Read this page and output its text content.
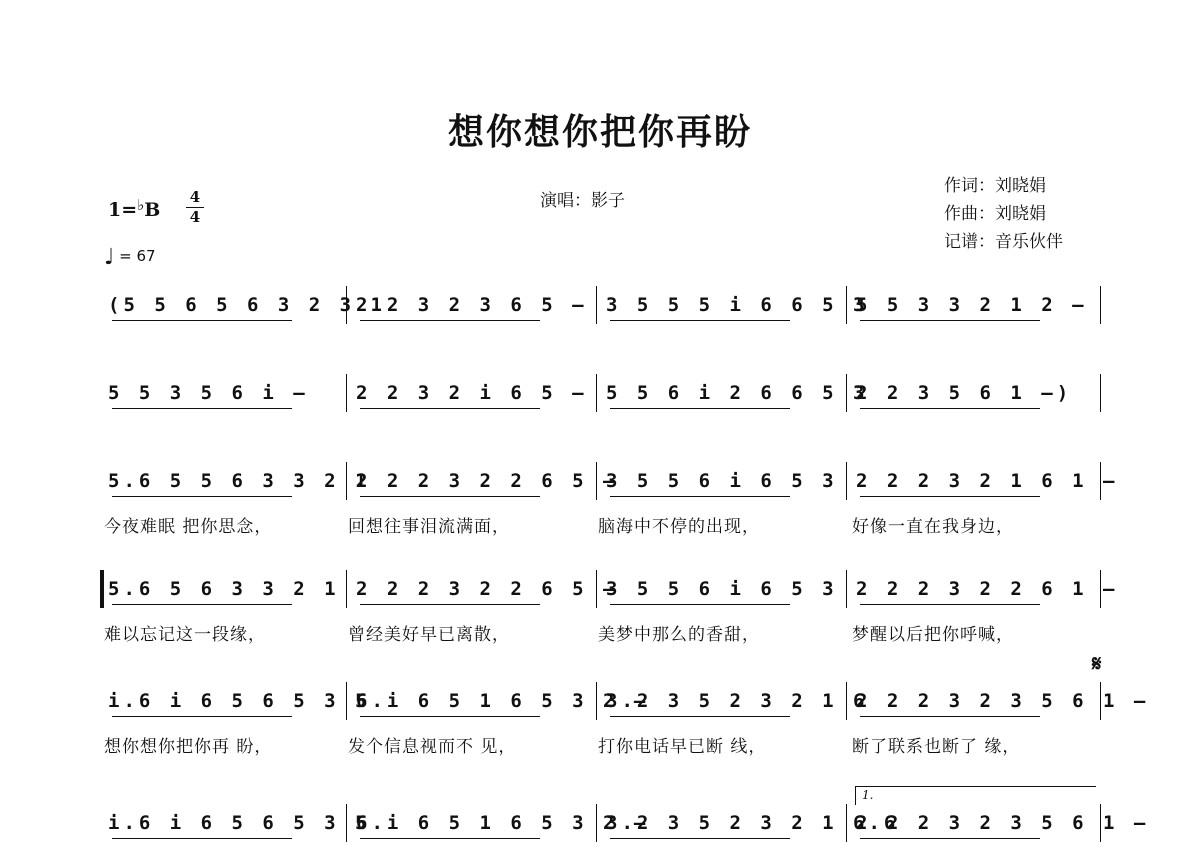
想你想你把你再盼
1=♭B
4
4
♩ = 67
演唱：影子
作词：刘晓娟
作曲：刘晓娟
记谱：音乐伙伴
(5 5 6 5 6 3 2 3 1
2 2 3 2 3 6 5 – 3 5 5 5 i 6 6 5 3
5 5 3 3 2 1 2 –
5 5 3 5 6 i – 2 2 3 2 i 6 5 – 5 5 6 i 2 6 6 5 3
2 2 3 5 6 1 –)
5.6 5 5 6 3 3 2 1
2 2 2 3 2 2 6 5 –
3 5 5 6 i 6 5 3 2 2 2 3 2 1 6 1 –
5.6 5 6 3 3 2 1 2 2 2 3 2 2 6 5 –
3 5 5 6 i 6 5 3 2 2 2 3 2 2 6 1 –
i.6 i 6 5 6 5 3 5
6.i 6 5 1 6 5 3 2 –
3.2 3 5 2 3 2 1 6
2 2 2 3 2 3 5 6 1 –
i.6 i 6 5 6 5 3 5
6.i 6 5 1 6 5 3 2 –
3.2 3 5 2 3 2 1 6.6
2 2 2 3 2 3 5 6 1 –
今夜难眠 把你思念，	回想往事泪流满面，	脑海中不停的出现，	好像一直在我身边，
难以忘记这一段缘，	曾经美好早已离散，	美梦中那么的香甜，	梦醒以后把你呼喊，
想你想你把你再 盼，	发个信息视而不 见，	打你电话早已断 线，	断了联系也断了 缘，
𝄋
1.
